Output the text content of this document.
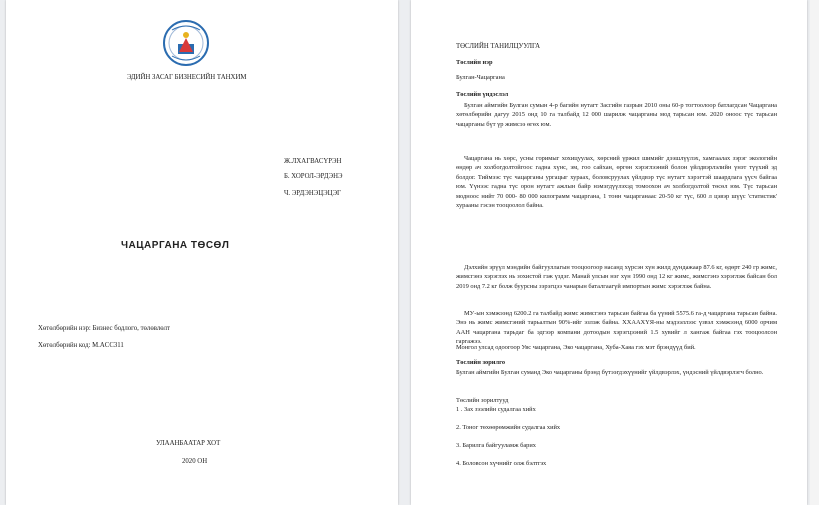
ЭДИЙН ЗАСАГ БИЗНЕСИЙН ТАНХИМ
Ж.ЛХАГВАСҮРЭН
Б. ХОРОЛ-ЭРДЭНЭ
Ч. ЭРДЭНЭЦЭЦЭГ
ЧАЦАРГАНА ТӨСӨЛ
Хөтөлбөрийн нэр: Бизнес бодлого, төлөвлөлт
Хөтөлбөрийн код: M.ACC311
УЛААНБААТАР ХОТ
2020 ОН
ТӨСЛИЙН ТАНИЛЦУУЛГА
Төслийн нэр
Булган-Чацаргана
Төслийн үндэслэл
Булган аймгийн Булган сумын 4-р багийн нутагт Засгийн газрын 2010 оны 60-р тогтоолоор батлагдсан Чацаргана хөтөлбөрийн дагуу 2015 онд 10 га талбайд 12 000 шарилж чацарганы мод тарьсан юм. 2020 оноос түс тарьсан чацарганы бүт үр жимсээ өгөх юм.
Чацаргана нь хөрс, усны горимыг хохицуулах, хөрсний үржил шимийг дээшлүүлэх, хамгаалах зэрэг экологийн өндөр ач холбогдолтойгоос гадна хүнс, эм, гоо сайхан, өргөн хэрэглээний болон үйлдвэрлэлийн үнэт түүхий эд болдог. Тиймээс түс чацарганы ургацыг хураах, боловсруулах үйлдвэр түс нутагт хэрэгтэй шаардлага үүсч байгаа юм. Үүнээс гадна түс орон нутагт ажлын байр нэмэгдүүлэхэд томоохон ач холбогдолтой төсөл юм. Түс тарьсан модноос нийт 70 000- 80 000 килограмм чацаргана, 1 тонн чацарганаас 20-50 кг түс, 600 л цэвэр шүүс 'статистик' хурааны гэсэн тооцоолол байна.
Дэлхийн эрүүл мэндийн байгууллагын тооцоогоор насанд хүрсэн хүн жилд дундажаар 87.6 кг, өдөрт 240 гр жимс, жимсгэнэ хэрэглэх нь зохистой гэж үздэг. Манай улсын нэг хүн 1990 онд 12 кг жимс, жимсгэнэ хэрэглэж байсан бол 2019 онд 7.2 кг болж буурсны зэрэгцээ чанарын баталгаагүй импортын жимс хэрэглэж байна.
МУ-ын хэмжээнд 6200.2 га талбайд жимс жимсгэнэ тарьсан байгаа ба үүний 5575.6 га-д чацаргана тарьсан байна. Энэ нь жимс жимсгэний тарьалтын 90%-ийг эзлэж байна. ХХААХҮЯ-ны мэдээллээс үзвэл хэмжээнд 6000 орчим ААН чацаргана тарьдаг ба эдгээр компани дотоодын хэрэгцээний 1.5 хувийг л хангаж байгаа гэх тооцоолсон гаргажээ.
Монгол улсад одоогоор Увс чацаргана, Эко чацаргана, Хуба-Хаяа гэх мэт брэндүүд бий.
Төслийн зорилго
Булган аймгийн Булган суманд Эко чацарганы брэнд бүтээгдэхүүнийг үйлдвэрлэх, үндэсний үйлдвэрлэгч болно.
Төслийн зорилтууд
1 . Зах зээлийн судалгаа хийх
2. Тоног төхөөрөмжийн судалгаа хийх
3. Барилга байгууламж барих
4. Боловсон хүчнийг олж бэлтгэх
